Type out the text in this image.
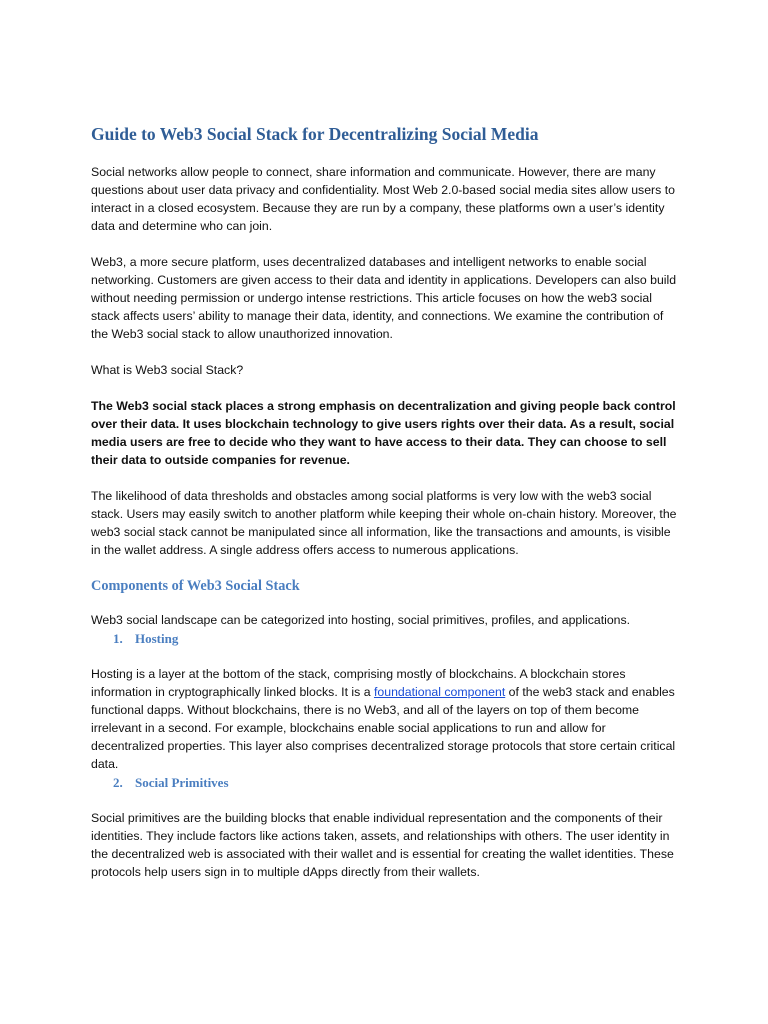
Guide to Web3 Social Stack for Decentralizing Social Media

Social networks allow people to connect, share information and communicate. However, there are many questions about user data privacy and confidentiality. Most Web 2.0-based social media sites allow users to interact in a closed ecosystem. Because they are run by a company, these platforms own a user’s identity data and determine who can join.

Web3, a more secure platform, uses decentralized databases and intelligent networks to enable social networking. Customers are given access to their data and identity in applications. Developers can also build without needing permission or undergo intense restrictions. This article focuses on how the web3 social stack affects users’ ability to manage their data, identity, and connections. We examine the contribution of the Web3 social stack to allow unauthorized innovation.

What is Web3 social Stack?

The Web3 social stack places a strong emphasis on decentralization and giving people back control over their data. It uses blockchain technology to give users rights over their data. As a result, social media users are free to decide who they want to have access to their data. They can choose to sell their data to outside companies for revenue.

The likelihood of data thresholds and obstacles among social platforms is very low with the web3 social stack. Users may easily switch to another platform while keeping their whole on-chain history. Moreover, the web3 social stack cannot be manipulated since all information, like the transactions and amounts, is visible in the wallet address. A single address offers access to numerous applications.

Components of Web3 Social Stack

Web3 social landscape can be categorized into hosting, social primitives, profiles, and applications.

1. Hosting

Hosting is a layer at the bottom of the stack, comprising mostly of blockchains. A blockchain stores information in cryptographically linked blocks. It is a foundational component of the web3 stack and enables functional dapps. Without blockchains, there is no Web3, and all of the layers on top of them become irrelevant in a second. For example, blockchains enable social applications to run and allow for decentralized properties. This layer also comprises decentralized storage protocols that store certain critical data.

2. Social Primitives

Social primitives are the building blocks that enable individual representation and the components of their identities. They include factors like actions taken, assets, and relationships with others. The user identity in the decentralized web is associated with their wallet and is essential for creating the wallet identities. These protocols help users sign in to multiple dApps directly from their wallets.
